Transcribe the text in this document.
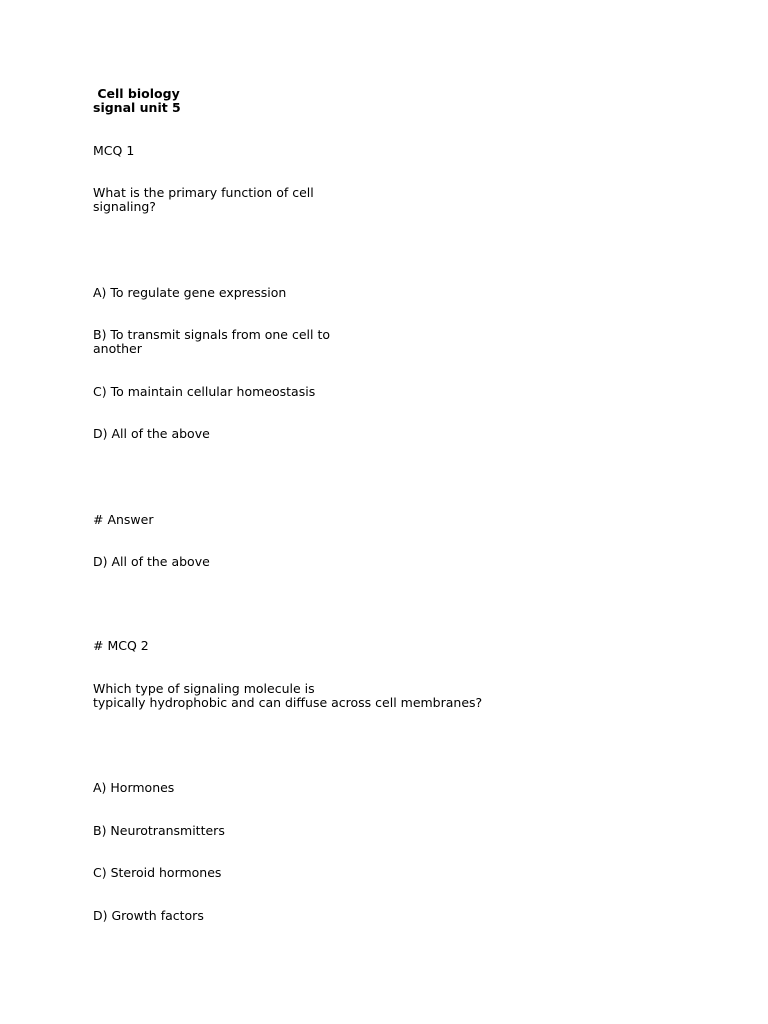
Cell biology

signal unit 5

MCQ 1

What is the primary function of cell

signaling?

A) To regulate gene expression

B) To transmit signals from one cell to

another

C) To maintain cellular homeostasis

D) All of the above

# Answer

D) All of the above

# MCQ 2

Which type of signaling molecule is

typically hydrophobic and can diffuse across cell membranes?

A) Hormones

B) Neurotransmitters

C) Steroid hormones

D) Growth factors
